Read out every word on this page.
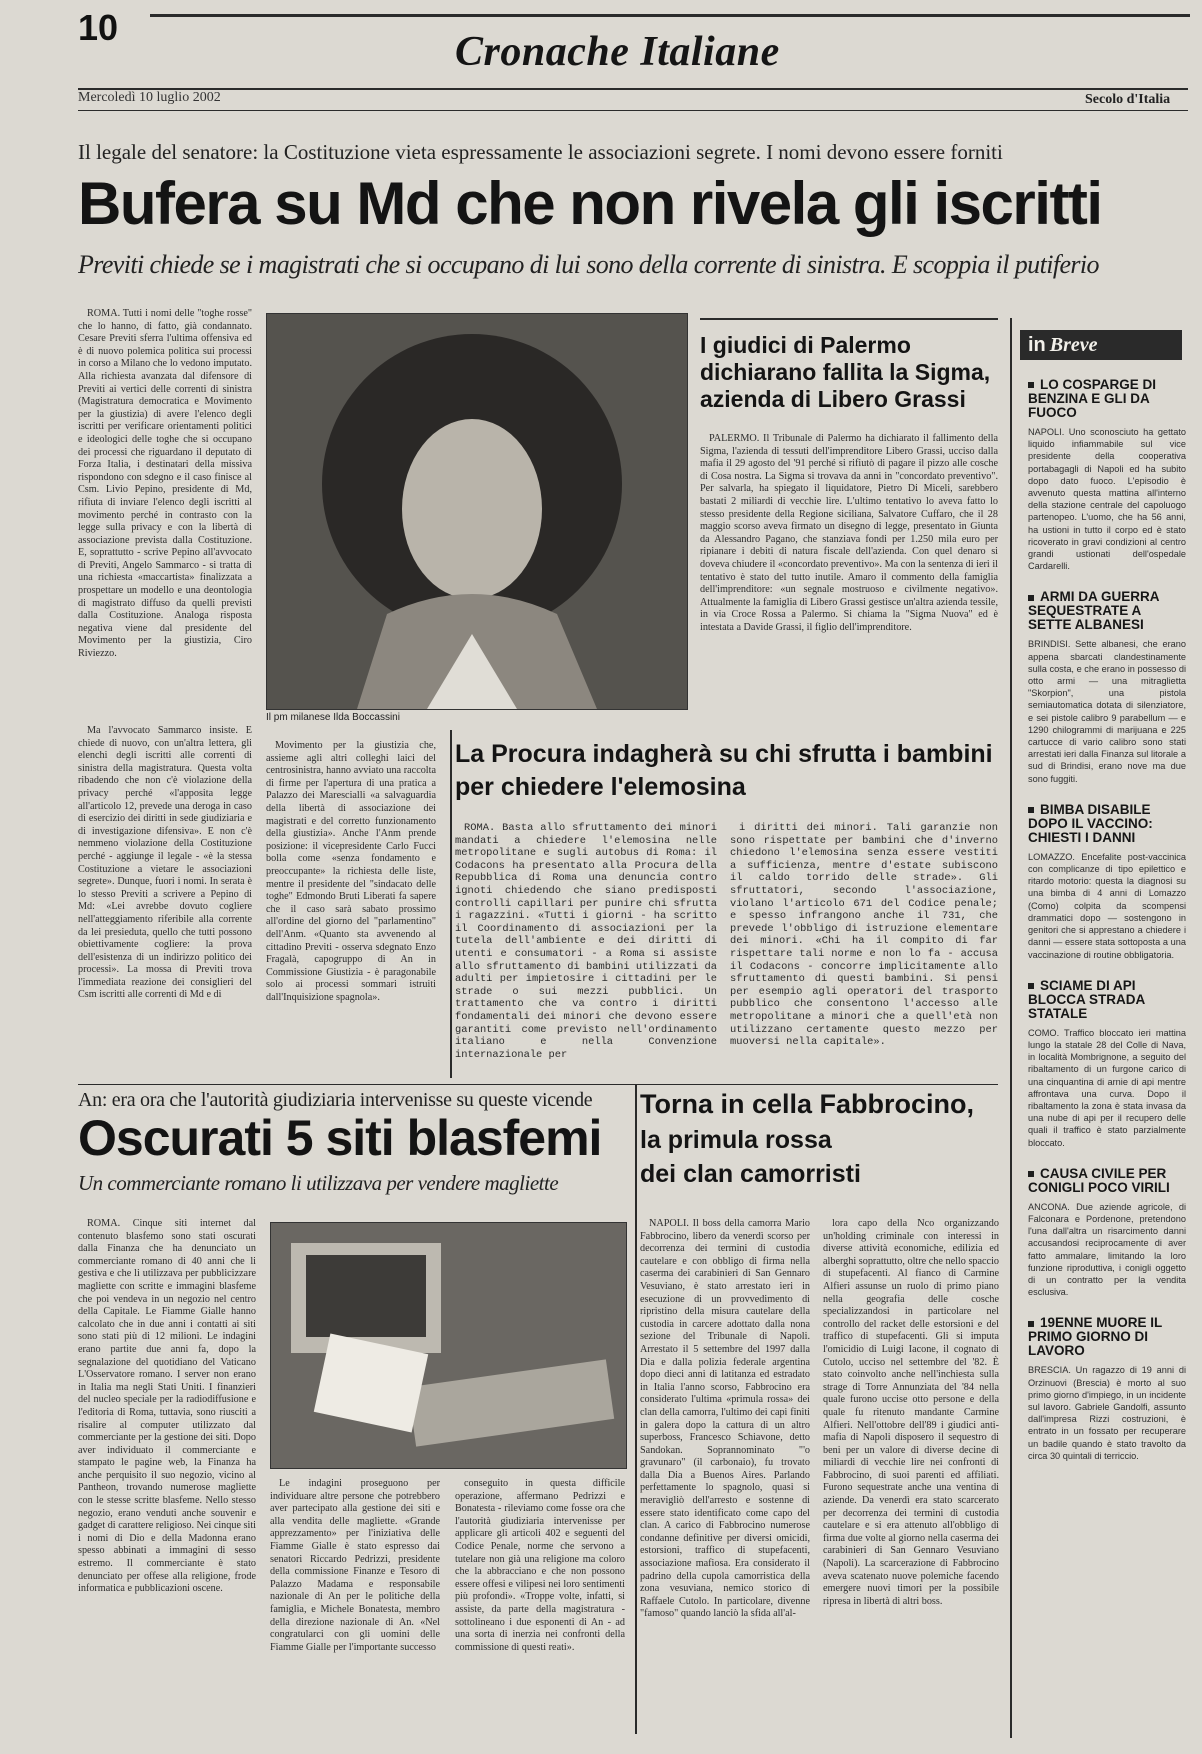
10
Cronache Italiane
Mercoledì 10 luglio 2002	Secolo d'Italia
Il legale del senatore: la Costituzione vieta espressamente le associazioni segrete. I nomi devono essere forniti
Bufera su Md che non rivela gli iscritti
Previti chiede se i magistrati che si occupano di lui sono della corrente di sinistra. E scoppia il putiferio

ROMA. Tutti i nomi delle "toghe rosse" che lo hanno, di fatto, già condannato. Cesare Previti sferra l'ultima offensiva ed è di nuovo polemica politica sui processi in corso a Milano che lo vedono imputato. Alla richiesta avanzata dal difensore di Previti ai vertici delle correnti di sinistra (Magistratura democratica e Movimento per la giustizia) di avere l'elenco degli iscritti per verificare orientamenti politici e ideologici delle toghe che si occupano dei processi che riguardano il deputato di Forza Italia, i destinatari della missiva rispondono con sdegno e il caso finisce al Csm. Livio Pepino, presidente di Md, rifiuta di inviare l'elenco degli iscritti al movimento perché in contrasto con la legge sulla privacy e con la libertà di associazione prevista dalla Costituzione. E, soprattutto - scrive Pepino all'avvocato di Previti, Angelo Sammarco - si tratta di una richiesta «maccartista» finalizzata a prospettare un modello e una deontologia di magistrato diffuso da quelli previsti dalla Costituzione. Analoga risposta negativa viene dal presidente del Movimento per la giustizia, Ciro Riviezzo.

Il pm milanese Ilda Boccassini

Ma l'avvocato Sammarco insiste. E chiede di nuovo, con un'altra lettera, gli elenchi degli iscritti alle correnti di sinistra della magistratura. Questa volta ribadendo che non c'è violazione della privacy perché «l'apposita legge all'articolo 12, prevede una deroga in caso di esercizio dei diritti in sede giudiziaria e di investigazione difensiva». E non c'è nemmeno violazione della Costituzione perché - aggiunge il legale - «è la stessa Costituzione a vietare le associazioni segrete». Dunque, fuori i nomi. In serata è lo stesso Previti a scrivere a Pepino di Md: «Lei avrebbe dovuto cogliere nell'atteggiamento riferibile alla corrente da lei presieduta, quello che tutti possono obiettivamente cogliere: la prova dell'esistenza di un indirizzo politico dei processi». La mossa di Previti trova l'immediata reazione dei consiglieri del Csm iscritti alle correnti di Md e di

Movimento per la giustizia che, assieme agli altri colleghi laici del centrosinistra, hanno avviato una raccolta di firme per l'apertura di una pratica a Palazzo dei Marescialli «a salvaguardia della libertà di associazione dei magistrati e del corretto funzionamento della giustizia». Anche l'Anm prende posizione: il vicepresidente Carlo Fucci bolla come «senza fondamento e preoccupante» la richiesta delle liste, mentre il presidente del "sindacato delle toghe" Edmondo Bruti Liberati fa sapere che il caso sarà sabato prossimo all'ordine del giorno del "parlamentino" dell'Anm. «Quanto sta avvenendo al cittadino Previti - osserva sdegnato Enzo Fragalà, capogruppo di An in Commissione Giustizia - è paragonabile solo ai processi sommari istruiti dall'Inquisizione spagnola».

I giudici di Palermo dichiarano fallita la Sigma, azienda di Libero Grassi

PALERMO. Il Tribunale di Palermo ha dichiarato il fallimento della Sigma, l'azienda di tessuti dell'imprenditore Libero Grassi, ucciso dalla mafia il 29 agosto del '91 perché si rifiutò di pagare il pizzo alle cosche di Cosa nostra. La Sigma si trovava da anni in "concordato preventivo". Per salvarla, ha spiegato il liquidatore, Pietro Di Miceli, sarebbero bastati 2 miliardi di vecchie lire. L'ultimo tentativo lo aveva fatto lo stesso presidente della Regione siciliana, Salvatore Cuffaro, che il 28 maggio scorso aveva firmato un disegno di legge, presentato in Giunta da Alessandro Pagano, che stanziava fondi per 1.250 mila euro per ripianare i debiti di natura fiscale dell'azienda. Con quel denaro si doveva chiudere il «concordato preventivo». Ma con la sentenza di ieri il tentativo è stato del tutto inutile. Amaro il commento della famiglia dell'imprenditore: «un segnale mostruoso e civilmente negativo». Attualmente la famiglia di Libero Grassi gestisce un'altra azienda tessile, in via Croce Rossa a Palermo. Si chiama la "Sigma Nuova" ed è intestata a Davide Grassi, il figlio dell'imprenditore.

La Procura indagherà su chi sfrutta i bambini per chiedere l'elemosina

ROMA. Basta allo sfruttamento dei minori mandati a chiedere l'elemosina nelle metropolitane e sugli autobus di Roma: il Codacons ha presentato alla Procura della Repubblica di Roma una denuncia contro ignoti chiedendo che siano predisposti controlli capillari per punire chi sfrutta i ragazzini. «Tutti i giorni - ha scritto il Coordinamento di associazioni per la tutela dell'ambiente e dei diritti di utenti e consumatori - a Roma si assiste allo sfruttamento di bambini utilizzati da adulti per impietosire i cittadini per le strade o sui mezzi pubblici. Un trattamento che va contro i diritti fondamentali dei minori che devono essere garantiti come previsto nell'ordinamento italiano e nella Convenzione internazionale per

i diritti dei minori. Tali garanzie non sono rispettate per bambini che d'inverno chiedono l'elemosina senza essere vestiti a sufficienza, mentre d'estate subiscono il caldo torrido delle strade». Gli sfruttatori, secondo l'associazione, violano l'articolo 671 del Codice penale; e spesso infrangono anche il 731, che prevede l'obbligo di istruzione elementare dei minori. «Chi ha il compito di far rispettare tali norme e non lo fa - accusa il Codacons - concorre implicitamente allo sfruttamento di questi bambini. Si pensi per esempio agli operatori del trasporto pubblico che consentono l'accesso alle metropolitane a minori che a quell'età non utilizzano certamente questo mezzo per muoversi nella capitale».

An: era ora che l'autorità giudiziaria intervenisse su queste vicende
Oscurati 5 siti blasfemi
Un commerciante romano li utilizzava per vendere magliette

ROMA. Cinque siti internet dal contenuto blasfemo sono stati oscurati dalla Finanza che ha denunciato un commerciante romano di 40 anni che li gestiva e che li utilizzava per pubblicizzare magliette con scritte e immagini blasfeme che poi vendeva in un negozio nel centro della Capitale. Le Fiamme Gialle hanno calcolato che in due anni i contatti ai siti sono stati più di 12 milioni. Le indagini erano partite due anni fa, dopo la segnalazione del quotidiano del Vaticano L'Osservatore romano. I server non erano in Italia ma negli Stati Uniti. I finanzieri del nucleo speciale per la radiodiffusione e l'editoria di Roma, tuttavia, sono riusciti a risalire al computer utilizzato dal commerciante per la gestione dei siti. Dopo aver individuato il commerciante e stampato le pagine web, la Finanza ha anche perquisito il suo negozio, vicino al Pantheon, trovando numerose magliette con le stesse scritte blasfeme. Nello stesso negozio, erano venduti anche souvenir e gadget di carattere religioso. Nei cinque siti i nomi di Dio e della Madonna erano spesso abbinati a immagini di sesso estremo. Il commerciante è stato denunciato per offese alla religione, frode informatica e pubblicazioni oscene.

Le indagini proseguono per individuare altre persone che potrebbero aver partecipato alla gestione dei siti e alla vendita delle magliette. «Grande apprezzamento» per l'iniziativa delle Fiamme Gialle è stato espresso dai senatori Riccardo Pedrizzi, presidente della commissione Finanze e Tesoro di Palazzo Madama e responsabile nazionale di An per le politiche della famiglia, e Michele Bonatesta, membro della direzione nazionale di An. «Nel congratularci con gli uomini delle Fiamme Gialle per l'importante successo

conseguito in questa difficile operazione, affermano Pedrizzi e Bonatesta - rileviamo come fosse ora che l'autorità giudiziaria intervenisse per applicare gli articoli 402 e seguenti del Codice Penale, norme che servono a tutelare non già una religione ma coloro che la abbracciano e che non possono essere offesi e vilipesi nei loro sentimenti più profondi». «Troppe volte, infatti, si assiste, da parte della magistratura - sottolineano i due esponenti di An - ad una sorta di inerzia nei confronti della commissione di questi reati».

Torna in cella Fabbrocino,
la primula rossa
dei clan camorristi

NAPOLI. Il boss della camorra Mario Fabbrocino, libero da venerdì scorso per decorrenza dei termini di custodia cautelare e con obbligo di firma nella caserma dei carabinieri di San Gennaro Vesuviano, è stato arrestato ieri in esecuzione di un provvedimento di ripristino della misura cautelare della custodia in carcere adottato dalla nona sezione del Tribunale di Napoli. Arrestato il 5 settembre del 1997 dalla Dia e dalla polizia federale argentina dopo dieci anni di latitanza ed estradato in Italia l'anno scorso, Fabbrocino era considerato l'ultima «primula rossa» dei clan della camorra, l'ultimo dei capi finiti in galera dopo la cattura di un altro superboss, Francesco Schiavone, detto Sandokan. Soprannominato "'o gravunaro" (il carbonaio), fu trovato dalla Dia a Buenos Aires. Parlando perfettamente lo spagnolo, quasi si meravigliò dell'arresto e sostenne di essere stato identificato come capo del clan. A carico di Fabbrocino numerose condanne definitive per diversi omicidi, estorsioni, traffico di stupefacenti, associazione mafiosa. Era considerato il padrino della cupola camorristica della zona vesuviana, nemico storico di Raffaele Cutolo. In particolare, divenne "famoso" quando lanciò la sfida all'al-

lora capo della Nco organizzando un'holding criminale con interessi in diverse attività economiche, edilizia ed alberghi soprattutto, oltre che nello spaccio di stupefacenti. Al fianco di Carmine Alfieri assunse un ruolo di primo piano nella geografia delle cosche specializzandosi in particolare nel controllo del racket delle estorsioni e del traffico di stupefacenti. Gli si imputa l'omicidio di Luigi Iacone, il cognato di Cutolo, ucciso nel settembre del '82. È stato coinvolto anche nell'inchiesta sulla strage di Torre Annunziata del '84 nella quale furono uccise otto persone e della quale fu ritenuto mandante Carmine Alfieri. Nell'ottobre dell'89 i giudici anti-mafia di Napoli disposero il sequestro di beni per un valore di diverse decine di miliardi di vecchie lire nei confronti di Fabbrocino, di suoi parenti ed affiliati. Furono sequestrate anche una ventina di aziende. Da venerdì era stato scarcerato per decorrenza dei termini di custodia cautelare e si era attenuto all'obbligo di firma due volte al giorno nella caserma dei carabinieri di San Gennaro Vesuviano (Napoli). La scarcerazione di Fabbrocino aveva scatenato nuove polemiche facendo emergere nuovi timori per la possibile ripresa in libertà di altri boss.

in Breve
LO COSPARGE DI BENZINA E GLI DA FUOCO
NAPOLI. Uno sconosciuto ha gettato liquido infiammabile sul vice presidente della cooperativa portabagagli di Napoli ed ha subito dopo dato fuoco. L'episodio è avvenuto questa mattina all'interno della stazione centrale del capoluogo partenopeo. L'uomo, che ha 56 anni, ha ustioni in tutto il corpo ed è stato ricoverato in gravi condizioni al centro grandi ustionati dell'ospedale Cardarelli.
ARMI DA GUERRA SEQUESTRATE A SETTE ALBANESI
BRINDISI. Sette albanesi, che erano appena sbarcati clandestinamente sulla costa, e che erano in possesso di otto armi — una mitraglietta "Skorpion", una pistola semiautomatica dotata di silenziatore, e sei pistole calibro 9 parabellum — e 1290 chilogrammi di marijuana e 225 cartucce di vario calibro sono stati arrestati ieri dalla Finanza sul litorale a sud di Brindisi, erano nove ma due sono fuggiti.
BIMBA DISABILE DOPO IL VACCINO: CHIESTI I DANNI
LOMAZZO. Encefalite post-vaccinica con complicanze di tipo epilettico e ritardo motorio: questa la diagnosi su una bimba di 4 anni di Lomazzo (Como) colpita da scompensi drammatici dopo — sostengono in genitori che si apprestano a chiedere i danni — essere stata sottoposta a una vaccinazione di routine obbligatoria.
SCIAME DI API BLOCCA STRADA STATALE
COMO. Traffico bloccato ieri mattina lungo la statale 28 del Colle di Nava, in località Mombrignone, a seguito del ribaltamento di un furgone carico di una cinquantina di arnie di api mentre affrontava una curva. Dopo il ribaltamento la zona è stata invasa da una nube di api per il recupero delle quali il traffico è stato parzialmente bloccato.
CAUSA CIVILE PER CONIGLI POCO VIRILI
ANCONA. Due aziende agricole, di Falconara e Pordenone, pretendono l'una dall'altra un risarcimento danni accusandosi reciprocamente di aver fatto ammalare, limitando la loro funzione riproduttiva, i conigli oggetto di un contratto per la vendita esclusiva.
19ENNE MUORE IL PRIMO GIORNO DI LAVORO
BRESCIA. Un ragazzo di 19 anni di Orzinuovi (Brescia) è morto al suo primo giorno d'impiego, in un incidente sul lavoro. Gabriele Gandolfi, assunto dall'impresa Rizzi costruzioni, è entrato in un fossato per recuperare un badile quando è stato travolto da circa 30 quintali di terriccio.
